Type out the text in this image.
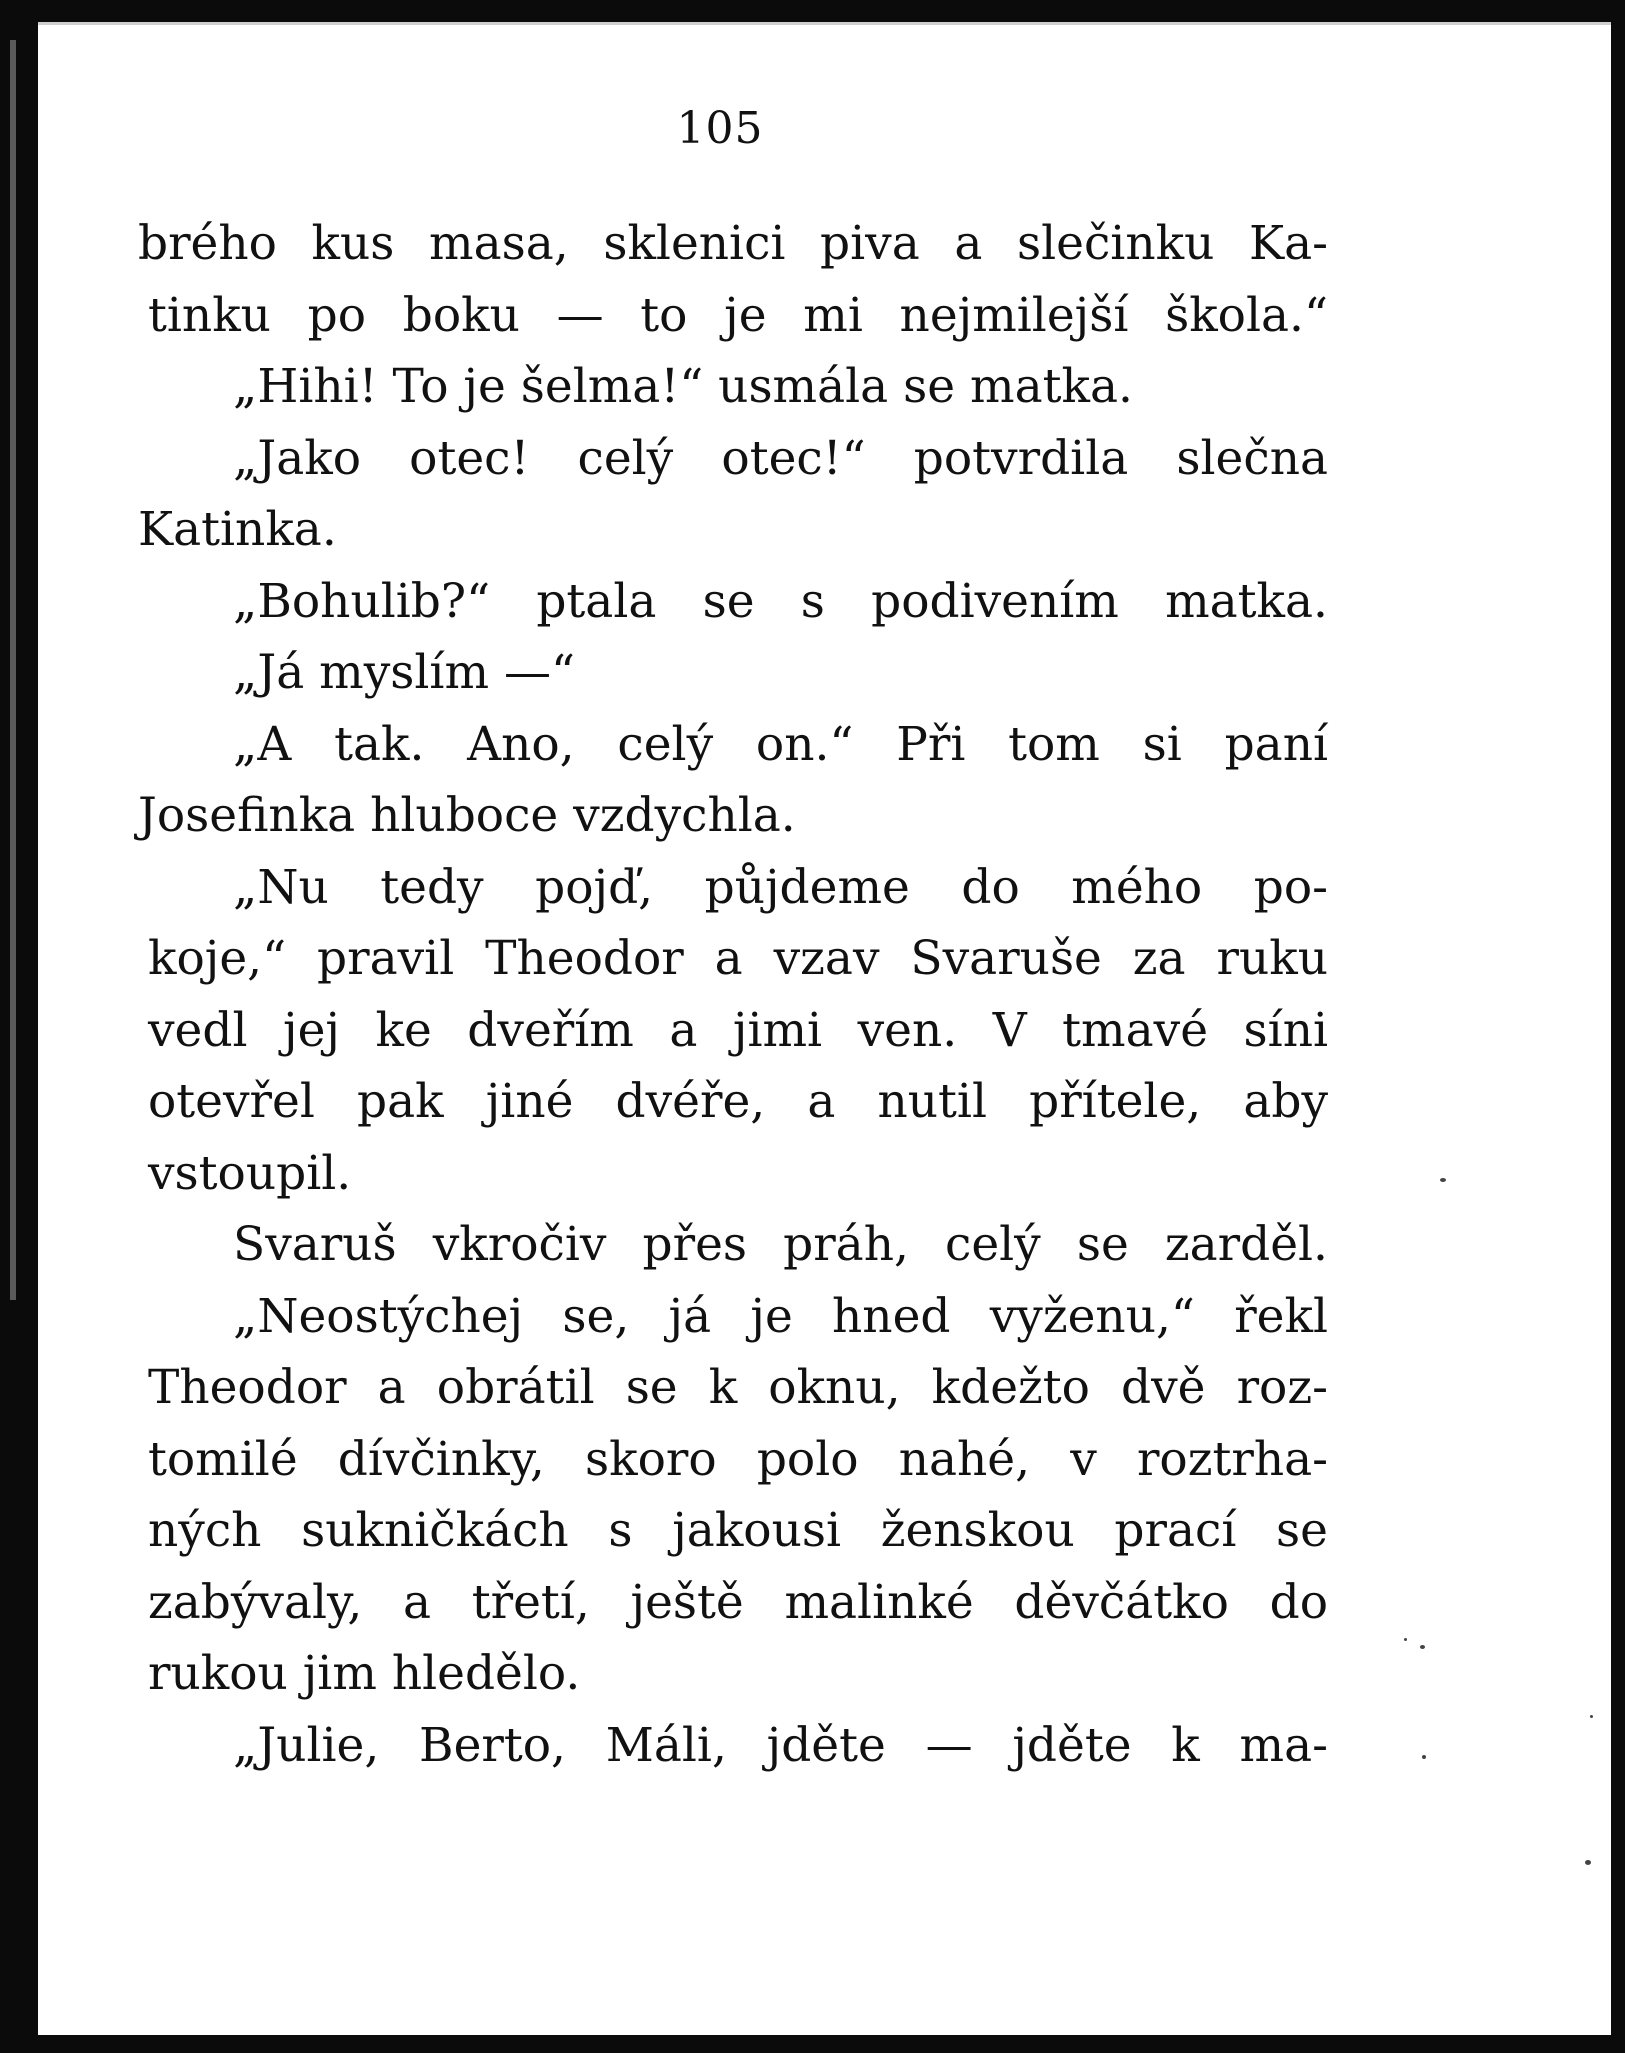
105
brého kus masa, sklenici piva a slečinku Ka-
tinku po boku — to je mi nejmilejší škola.“
„Hihi! To je šelma!“ usmála se matka.
„Jako otec! celý otec!“ potvrdila slečna
Katinka.
„Bohulib?“ ptala se s podivením matka.
„Já myslím —“
„A tak. Ano, celý on.“ Při tom si paní
Josefinka hluboce vzdychla.
„Nu tedy pojď, půjdeme do mého po-
koje,“ pravil Theodor a vzav Svaruše za ruku
vedl jej ke dveřím a jimi ven. V tmavé síni
otevřel pak jiné dvéře, a nutil přítele, aby
vstoupil.
Svaruš vkročiv přes práh, celý se zarděl.
„Neostýchej se, já je hned vyženu,“ řekl
Theodor a obrátil se k oknu, kdežto dvě roz-
tomilé dívčinky, skoro polo nahé, v roztrha-
ných sukničkách s jakousi ženskou prací se
zabývaly, a třetí, ještě malinké děvčátko do
rukou jim hledělo.
„Julie, Berto, Máli, jděte — jděte k ma-
